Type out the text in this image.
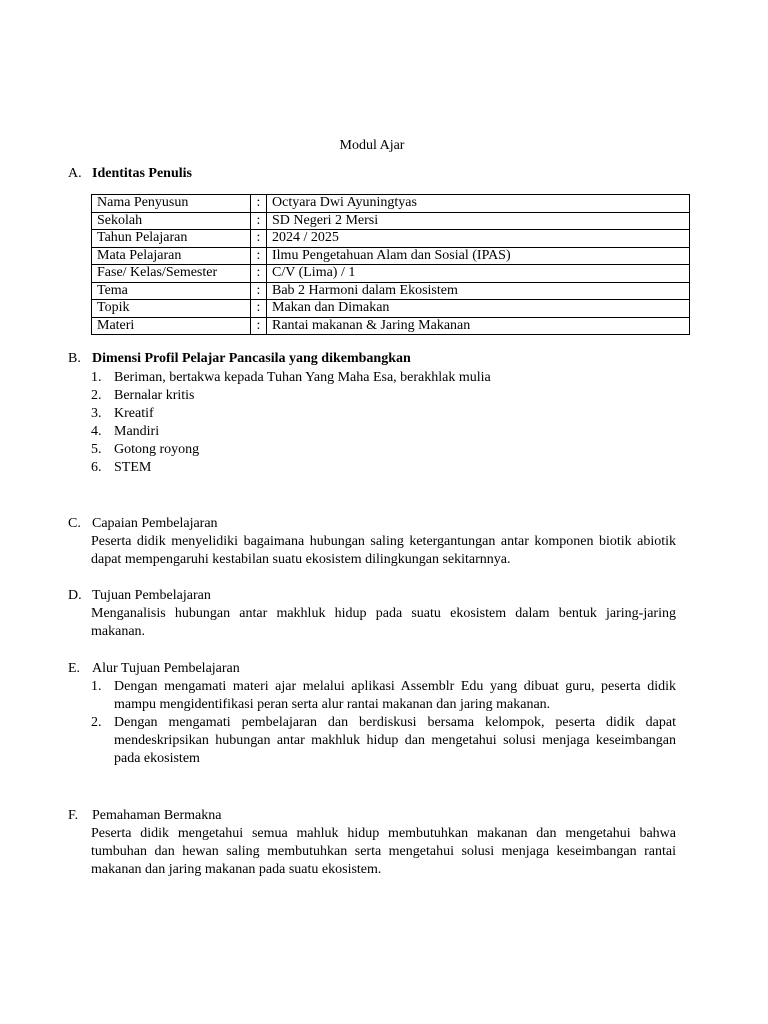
Modul Ajar
A. Identitas Penulis
Nama Penyusun	:	Octyara Dwi Ayuningtyas
Sekolah	:	SD Negeri 2 Mersi
Tahun Pelajaran	:	2024 / 2025
Mata Pelajaran	:	Ilmu Pengetahuan Alam dan Sosial (IPAS)
Fase/ Kelas/Semester	:	C/V (Lima) / 1
Tema	:	Bab 2 Harmoni dalam Ekosistem
Topik	:	Makan dan Dimakan
Materi	:	Rantai makanan & Jaring Makanan
B. Dimensi Profil Pelajar Pancasila yang dikembangkan
1. Beriman, bertakwa kepada Tuhan Yang Maha Esa, berakhlak mulia
2. Bernalar kritis
3. Kreatif
4. Mandiri
5. Gotong royong
6. STEM
C. Capaian Pembelajaran
Peserta didik menyelidiki bagaimana hubungan saling ketergantungan antar komponen biotik abiotik dapat mempengaruhi kestabilan suatu ekosistem dilingkungan sekitarnnya.
D. Tujuan Pembelajaran
Menganalisis hubungan antar makhluk hidup pada suatu ekosistem dalam bentuk jaring-jaring makanan.
E. Alur Tujuan Pembelajaran
1. Dengan mengamati materi ajar melalui aplikasi Assemblr Edu yang dibuat guru, peserta didik mampu mengidentifikasi peran serta alur rantai makanan dan jaring makanan.
2. Dengan mengamati pembelajaran dan berdiskusi bersama kelompok, peserta didik dapat mendeskripsikan hubungan antar makhluk hidup dan mengetahui solusi menjaga keseimbangan pada ekosistem
F. Pemahaman Bermakna
Peserta didik mengetahui semua mahluk hidup membutuhkan makanan dan mengetahui bahwa tumbuhan dan hewan saling membutuhkan serta mengetahui solusi menjaga keseimbangan rantai makanan dan jaring makanan pada suatu ekosistem.
